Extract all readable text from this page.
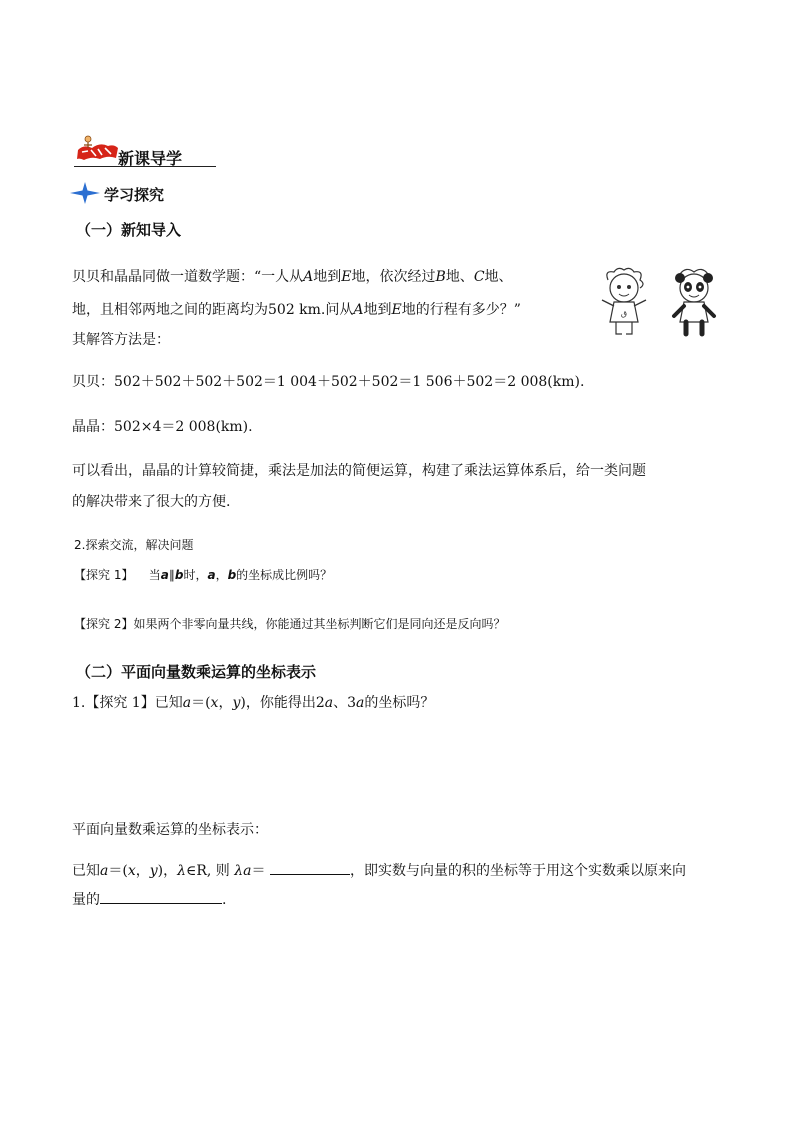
新课导学
学习探究
（一）新知导入
贝贝和晶晶同做一道数学题：“一人从A地到E地，依次经过B地、C地、
地，且相邻两地之间的距离均为502 km.问从A地到E地的行程有多少？”
其解答方法是：
ق
贝贝：502＋502＋502＋502＝1 004＋502＋502＝1 506＋502＝2 008(km).
晶晶：502×4＝2 008(km).
可以看出，晶晶的计算较简捷，乘法是加法的简便运算，构建了乘法运算体系后，给一类问题
的解决带来了很大的方便.
2.探索交流，解决问题
【探究 1】 当a∥b时，a，b的坐标成比例吗？
【探究 2】如果两个非零向量共线，你能通过其坐标判断它们是同向还是反向吗？
（二）平面向量数乘运算的坐标表示
1.【探究 1】已知a＝(x，y)，你能得出2a、3a的坐标吗？
平面向量数乘运算的坐标表示：
已知a＝(x，y)，λ∈R, 则 λa＝	，即实数与向量的积的坐标等于用这个实数乘以原来向
量的	.
